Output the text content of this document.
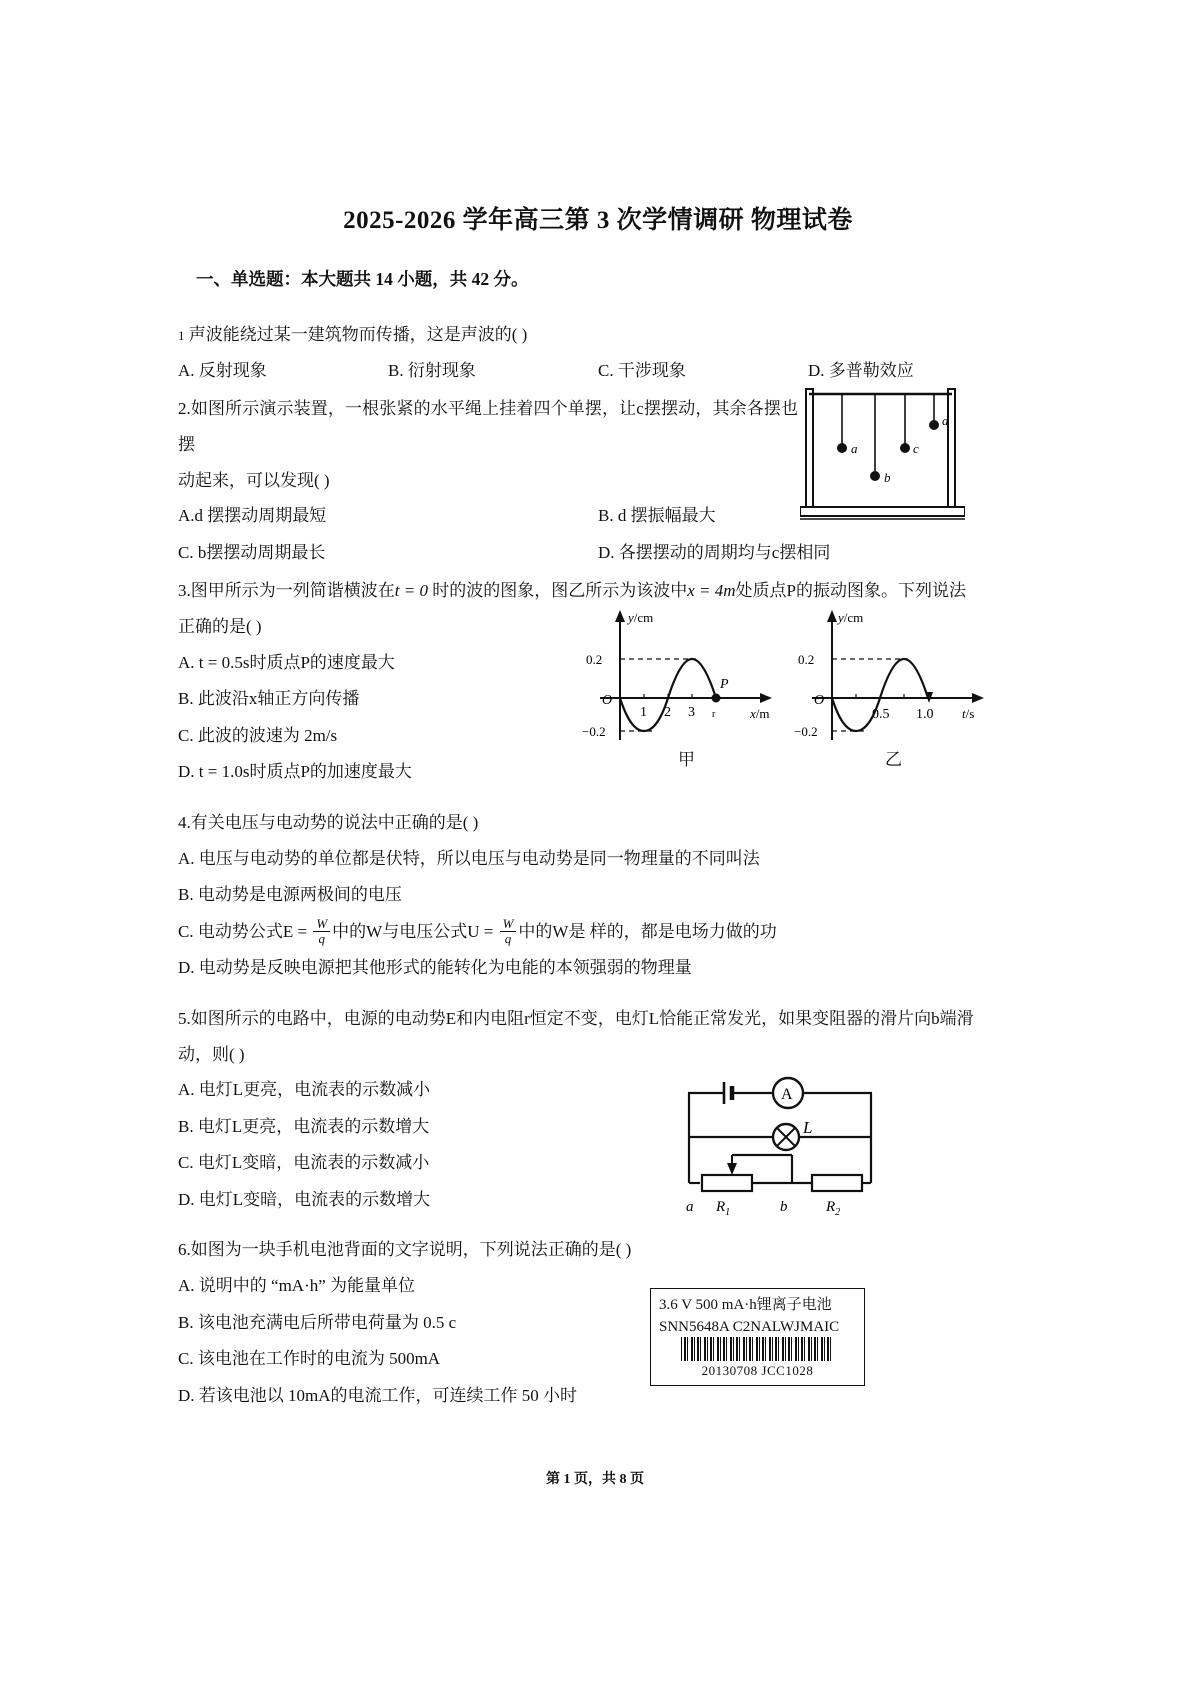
2025-2026 学年高三第 3 次学情调研 物理试卷
一、单选题：本大题共 14 小题，共 42 分。
1 声波能绕过某一建筑物而传播，这是声波的( )
A. 反射现象	B. 衍射现象	C. 干涉现象	D. 多普勒效应
2.如图所示演示装置，一根张紧的水平绳上挂着四个单摆，让c摆摆动，其余各摆也摆
动起来，可以发现( )
A.d 摆摆动周期最短	B. d 摆振幅最大
C. b摆摆动周期最长	D. 各摆摆动的周期均与c摆相同
3.图甲所示为一列简谐横波在t = 0 时的波的图象，图乙所示为该波中x = 4m处质点P的振动图象。下列说法
正确的是( )
A. t = 0.5s时质点P的速度最大
B. 此波沿x轴正方向传播
C. 此波的波速为 2m/s
D. t = 1.0s时质点P的加速度最大
4.有关电压与电动势的说法中正确的是( )
A. 电压与电动势的单位都是伏特，所以电压与电动势是同一物理量的不同叫法
B. 电动势是电源两极间的电压
C. 电动势公式$E = \frac{W}{q}$ 中的W与电压公式$U = \frac{W}{q}$ 中的W是 样的，都是电场力做的功
D. 电动势是反映电源把其他形式的能转化为电能的本领强弱的物理量
5.如图所示的电路中，电源的电动势E和内电阻r恒定不变，电灯L恰能正常发光，如果变阻器的滑片向b端滑
动，则( )
A. 电灯L更亮，电流表的示数减小
B. 电灯L更亮，电流表的示数增大
C. 电灯L变暗，电流表的示数减小
D. 电灯L变暗，电流表的示数增大
6.如图为一块手机电池背面的文字说明，下列说法正确的是( )
A. 说明中的 “mA·h” 为能量单位
B. 该电池充满电后所带电荷量为 0.5 c
C. 该电池在工作时的电流为 500mA
D. 若该电池以 10mA的电流工作，可连续工作 50 小时
a
b
c
d
y/cm
x/m
O
0.2
−0.2
1 2 3 r
P
y/cm
t/s
O
0.2
−0.2
0.5 1.0
甲	乙
A
L
a	b
$R_1$	$R_2$
3.6 V 500 mA·h锂离子电池
SNN5648A C2NALWJMAIC
20130708 JCC1028
第 1 页，共 8 页
